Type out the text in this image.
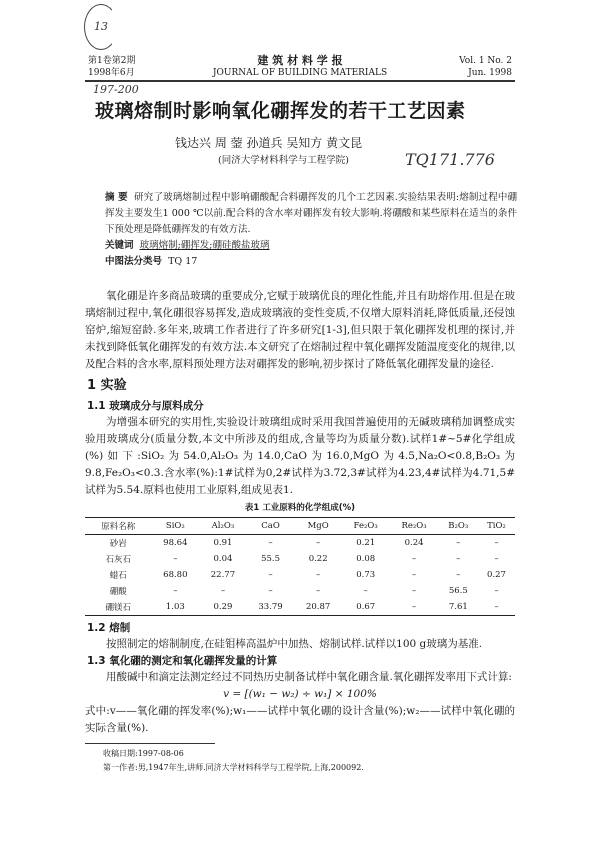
第1卷第2期
1998年6月
建 筑 材 料 学 报
JOURNAL OF BUILDING MATERIALS
Vol. 1 No. 2
Jun. 1998
13
197-200
TQ171.776
玻璃熔制时影响氧化硼挥发的若干工艺因素
钱达兴 周 蓥 孙道兵 吴知方 黄文昆
(同济大学材料科学与工程学院)
摘 要 研究了玻璃熔制过程中影响硼酸配合料硼挥发的几个工艺因素.实验结果表明:熔制过程中硼挥发主要发生1 000 ℃以前.配合料的含水率对硼挥发有较大影响.将硼酸和某些原料在适当的条件下预处理是降低硼挥发的有效方法.
关键词 玻璃熔制;硼挥发;硼硅酸盐玻璃
中图法分类号 TQ 17
氧化硼是许多商品玻璃的重要成分,它赋于玻璃优良的理化性能,并且有助熔作用.但是在玻璃熔制过程中,氧化硼很容易挥发,造成玻璃液的变性变质,不仅增大原料消耗,降低质量,还侵蚀窑炉,缩短窑龄.多年来,玻璃工作者进行了许多研究[1-3],但只限于氧化硼挥发机理的探讨,并未找到降低氧化硼挥发的有效方法.本文研究了在熔制过程中氧化硼挥发随温度变化的规律,以及配合料的含水率,原料预处理方法对硼挥发的影响,初步探讨了降低氧化硼挥发量的途径.
1 实验
1.1 玻璃成分与原料成分
为增强本研究的实用性,实验设计玻璃组成时采用我国普遍使用的无碱玻璃稍加调整成实验用玻璃成分(质量分数,本文中所涉及的组成,含量等均为质量分数).试样1#~5#化学组成(%)如下:SiO₂为54.0,Al₂O₃为14.0,CaO为16.0,MgO为4.5,Na₂O<0.8,B₂O₃为9.8,Fe₂O₃<0.3.含水率(%):1#试样为0,2#试样为3.72,3#试样为4.23,4#试样为4.71,5#试样为5.54.原料也使用工业原料,组成见表1.
表1 工业原料的化学组成(%)
原料名称	SiO₂	Al₂O₃	CaO	MgO	Fe₂O₃	Re₂O₃	B₂O₃	TiO₂
砂岩	98.64	0.91	–	–	0.21	0.24	–	–
石灰石	–	0.04	55.5	0.22	0.08	–	–	–
蜡石	68.80	22.77	–	–	0.73	–	–	0.27
硼酸	–	–	–	–	–	–	56.5	–
硼镁石	1.03	0.29	33.79	20.87	0.67	–	7.61	–
1.2 熔制
按照制定的熔制制度,在硅钼棒高温炉中加热、熔制试样.试样以100 g玻璃为基准.
1.3 氧化硼的测定和氧化硼挥发量的计算
用酸碱中和滴定法测定经过不同热历史制备试样中氧化硼含量.氧化硼挥发率用下式计算:
v = [(w₁ − w₂) ÷ w₁] × 100%
式中:v——氧化硼的挥发率(%);w₁——试样中氧化硼的设计含量(%);w₂——试样中氧化硼的实际含量(%).
收稿日期:1997-08-06
第一作者:男,1947年生,讲师.同济大学材料科学与工程学院,上海,200092.
